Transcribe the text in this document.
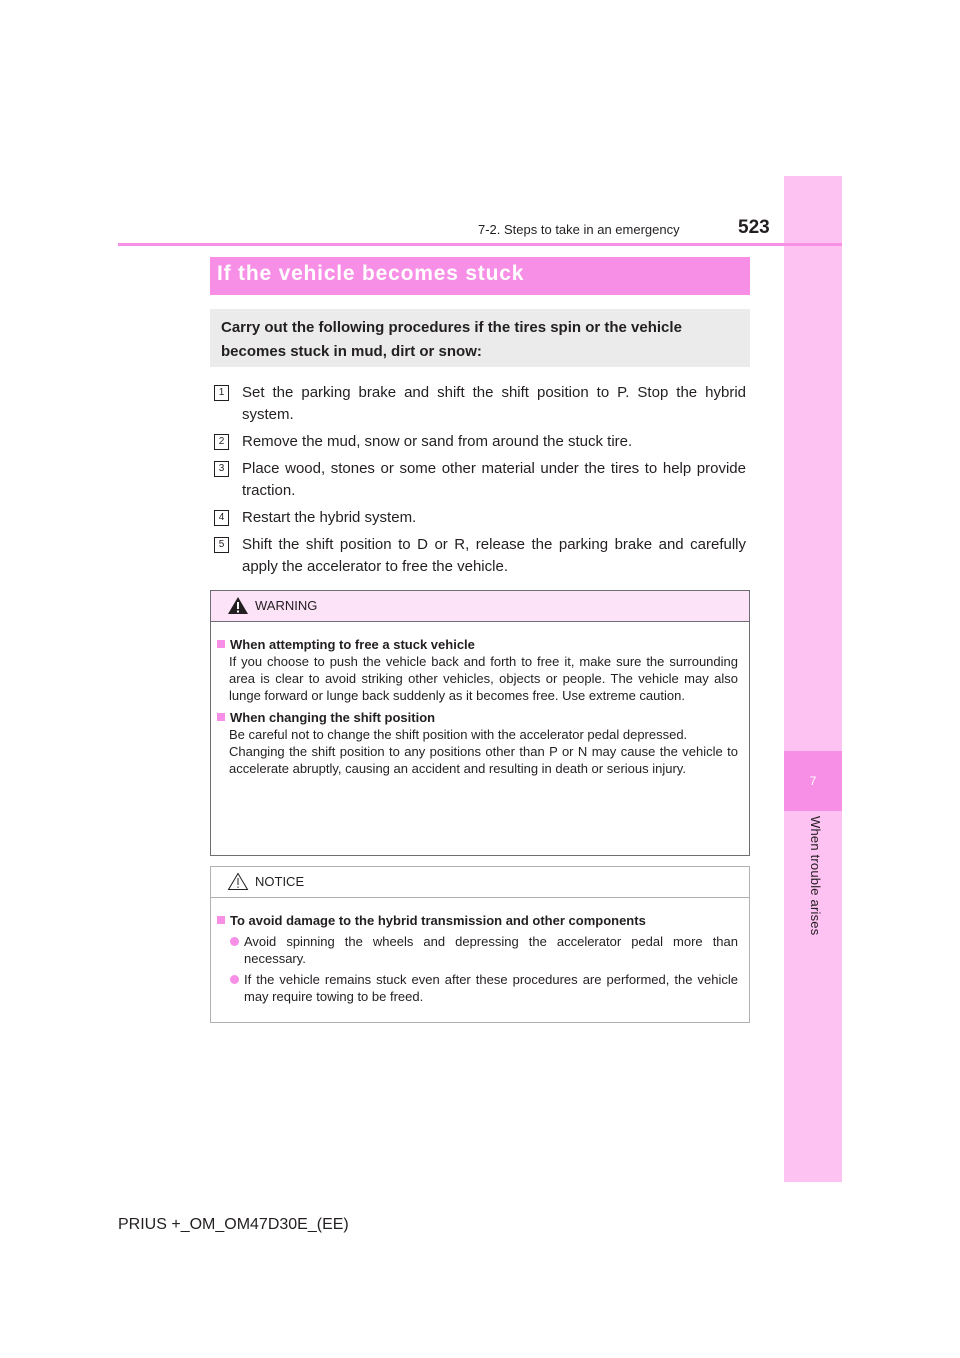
7
When trouble arises
7-2. Steps to take in an emergency	523
If the vehicle becomes stuck
Carry out the following procedures if the tires spin or the vehicle becomes stuck in mud, dirt or snow:
1	Set the parking brake and shift the shift position to P. Stop the hybrid system.
2	Remove the mud, snow or sand from around the stuck tire.
3	Place wood, stones or some other material under the tires to help provide traction.
4	Restart the hybrid system.
5	Shift the shift position to D or R, release the parking brake and carefully apply the accelerator to free the vehicle.
WARNING
When attempting to free a stuck vehicle
If you choose to push the vehicle back and forth to free it, make sure the surrounding area is clear to avoid striking other vehicles, objects or people. The vehicle may also lunge forward or lunge back suddenly as it becomes free. Use extreme caution.
When changing the shift position
Be careful not to change the shift position with the accelerator pedal depressed.
Changing the shift position to any positions other than P or N may cause the vehicle to accelerate abruptly, causing an accident and resulting in death or serious injury.
NOTICE
To avoid damage to the hybrid transmission and other components
Avoid spinning the wheels and depressing the accelerator pedal more than necessary.
If the vehicle remains stuck even after these procedures are performed, the vehicle may require towing to be freed.
PRIUS +_OM_OM47D30E_(EE)
